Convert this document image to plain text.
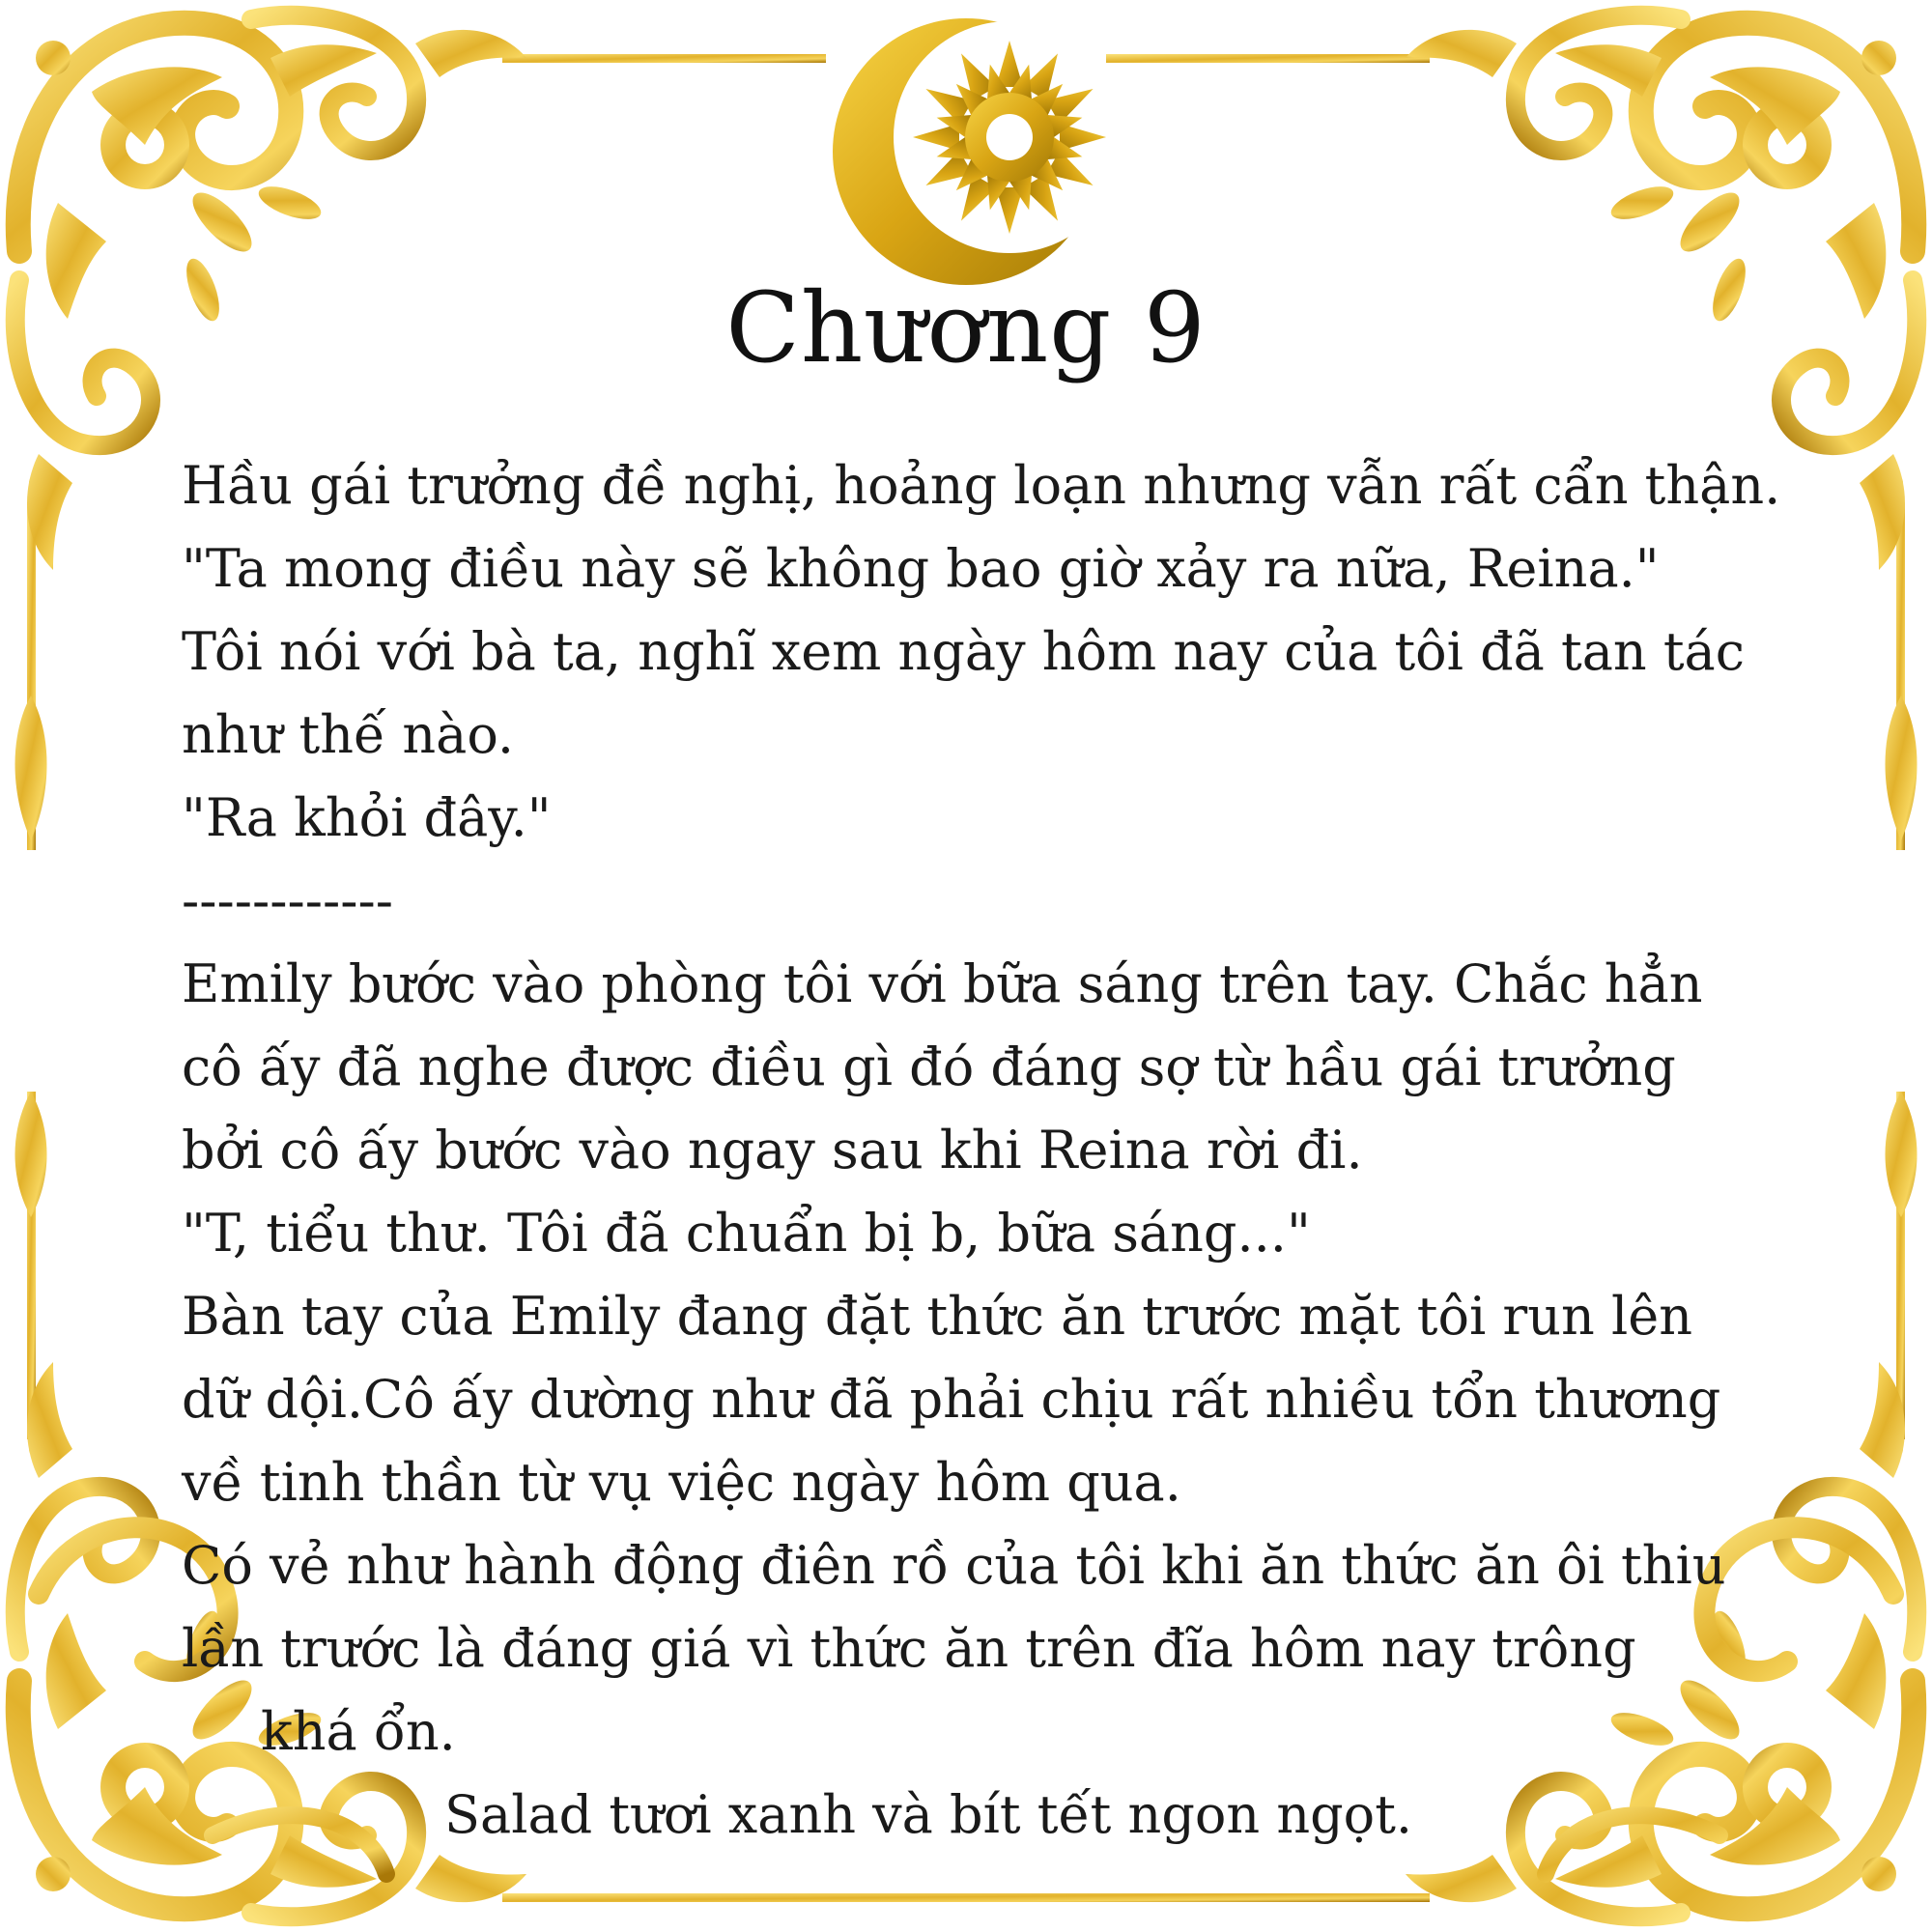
Chương 9
Hầu gái trưởng đề nghị, hoảng loạn nhưng vẫn rất cẩn thận.
"Ta mong điều này sẽ không bao giờ xảy ra nữa, Reina."
Tôi nói với bà ta, nghĩ xem ngày hôm nay của tôi đã tan tác
như thế nào.
"Ra khỏi đây."
------------
Emily bước vào phòng tôi với bữa sáng trên tay. Chắc hẳn
cô ấy đã nghe được điều gì đó đáng sợ từ hầu gái trưởng
bởi cô ấy bước vào ngay sau khi Reina rời đi.
"T, tiểu thư. Tôi đã chuẩn bị b, bữa sáng..."
Bàn tay của Emily đang đặt thức ăn trước mặt tôi run lên
dữ dội.Cô ấy dường như đã phải chịu rất nhiều tổn thương
về tinh thần từ vụ việc ngày hôm qua.
Có vẻ như hành động điên rồ của tôi khi ăn thức ăn ôi thiu
lần trước là đáng giá vì thức ăn trên đĩa hôm nay trông
khá ổn.
Salad tươi xanh và bít tết ngon ngọt.
